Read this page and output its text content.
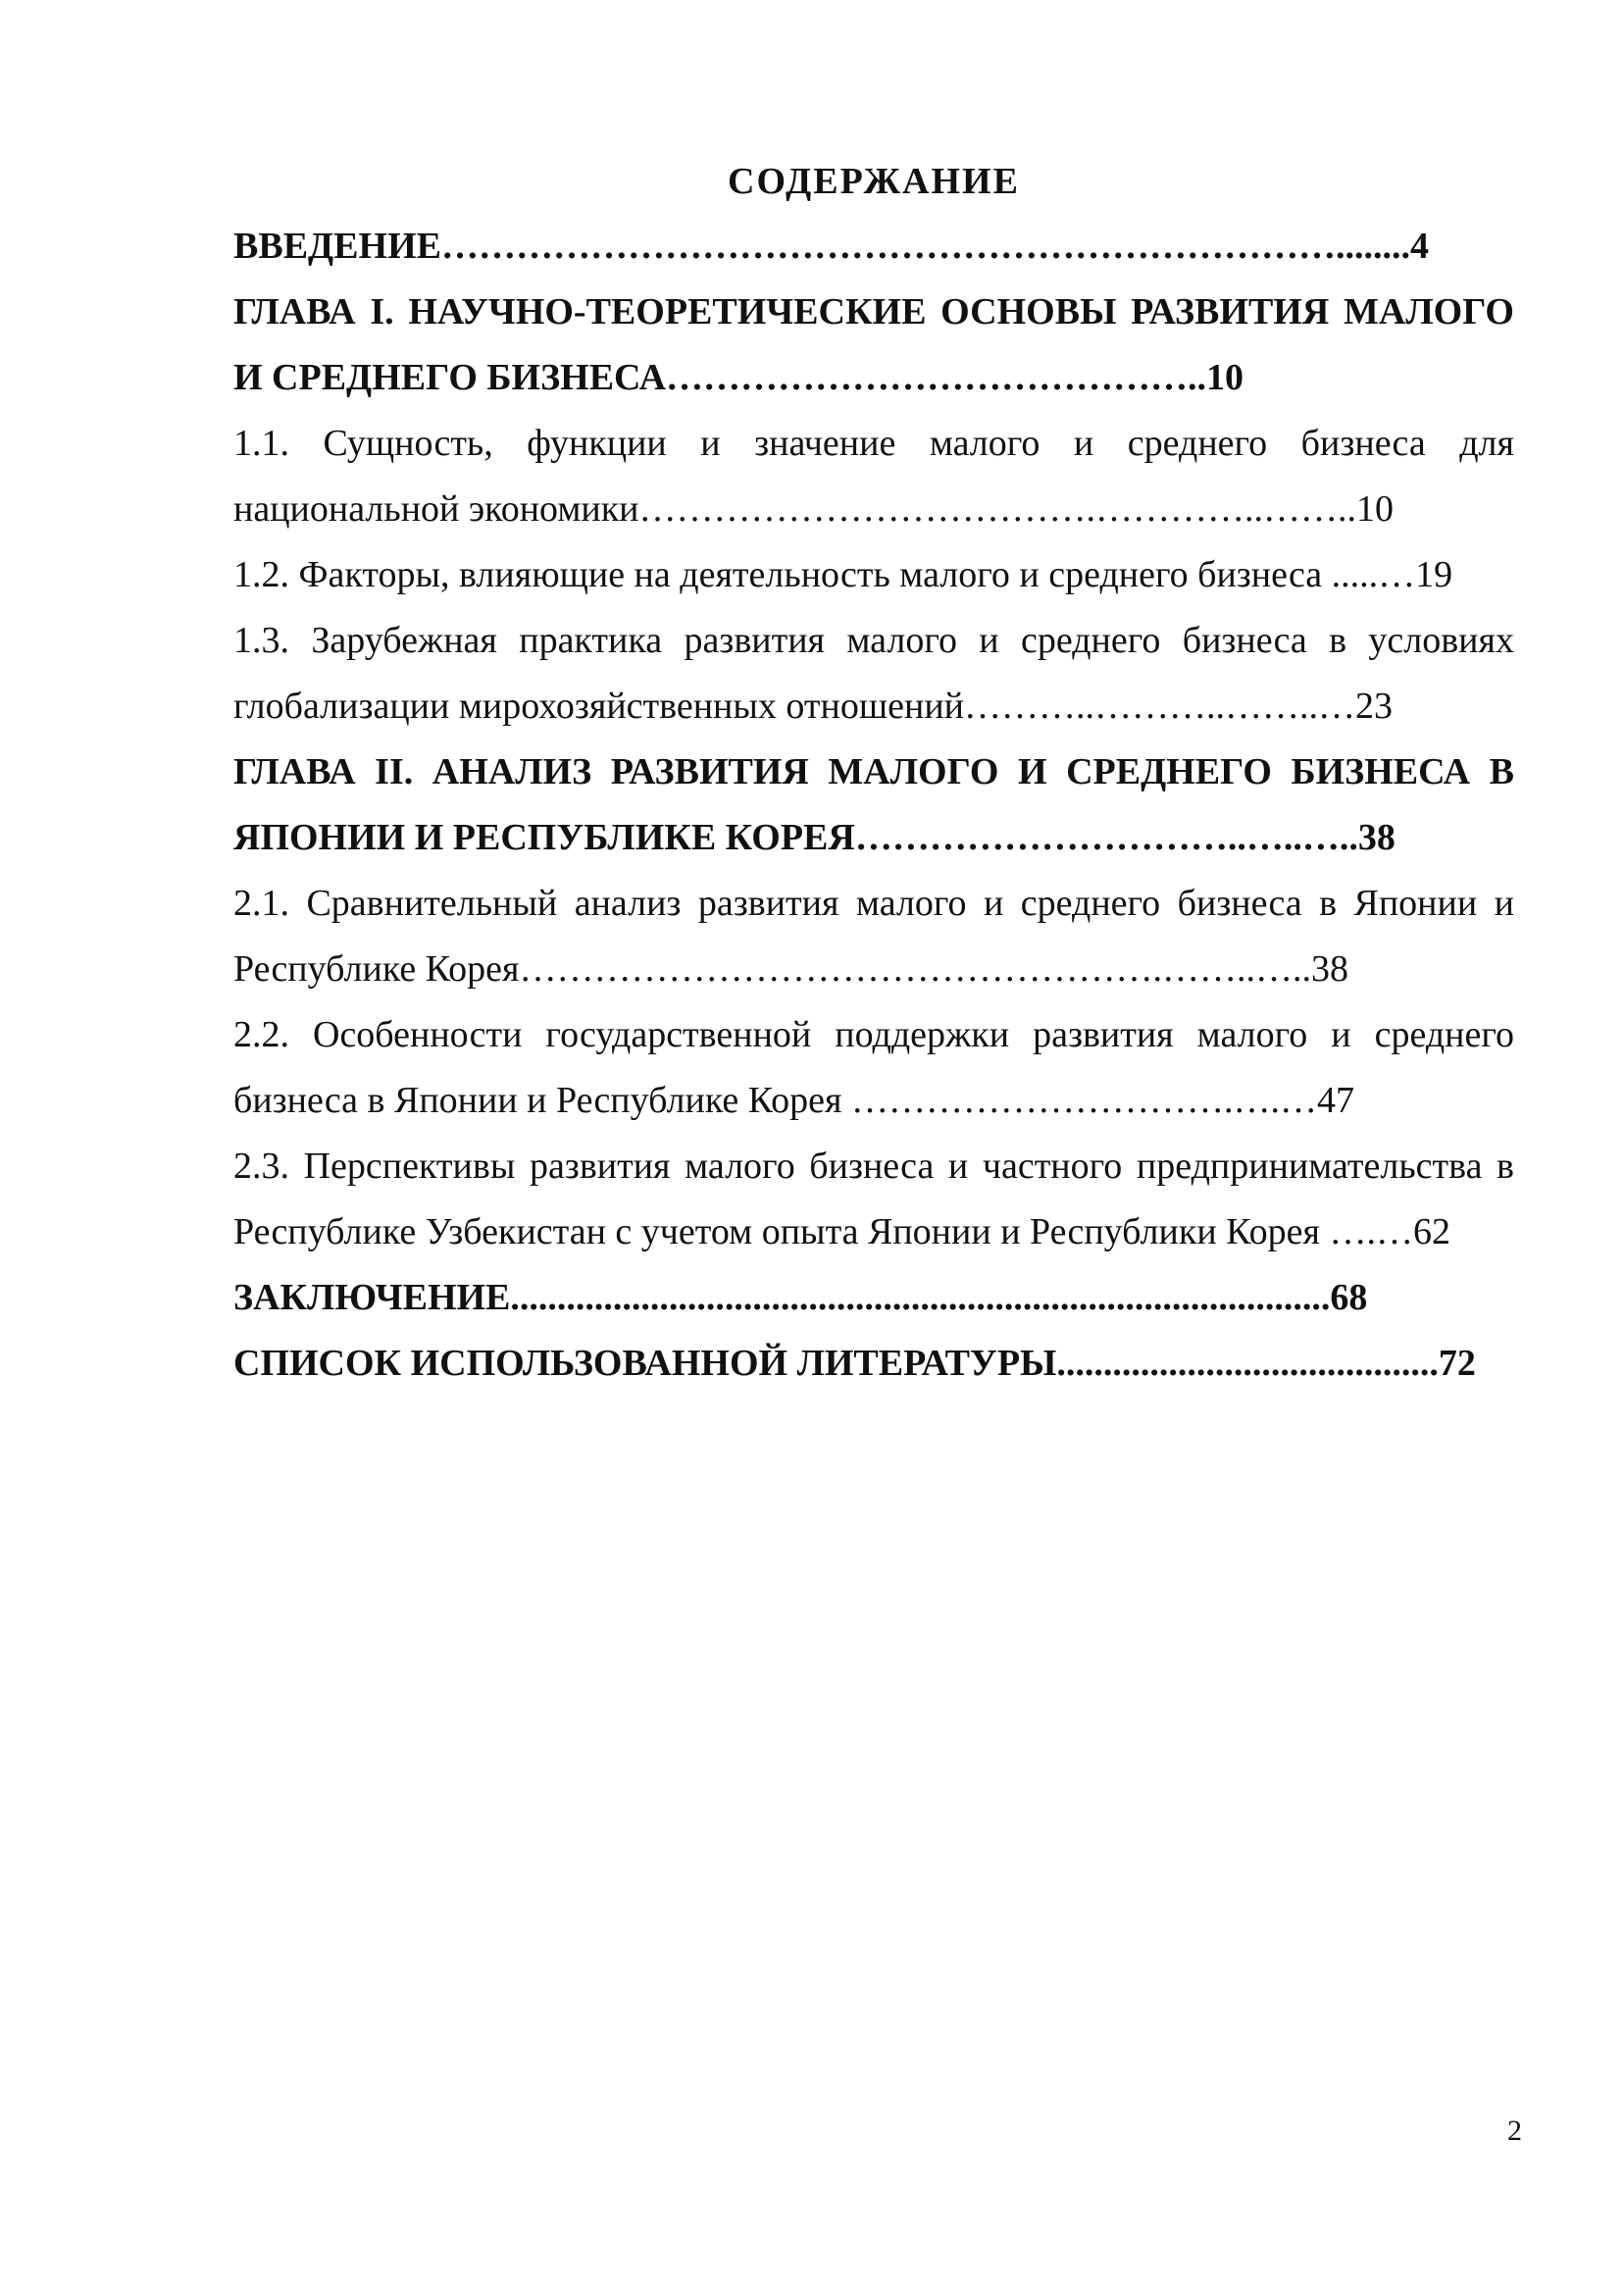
СОДЕРЖАНИЕ

ВВЕДЕНИЕ………………………………………………………………........4

ГЛАВА I. НАУЧНО-ТЕОРЕТИЧЕСКИЕ ОСНОВЫ РАЗВИТИЯ МАЛОГО И СРЕДНЕГО БИЗНЕСА……………………………………..10

1.1. Сущность, функции и значение малого и среднего бизнеса для национальной экономики……………………………….…………..……..10

1.2. Факторы, влияющие на деятельность малого и среднего бизнеса .....…19

1.3. Зарубежная практика развития малого и среднего бизнеса в условиях глобализации мирохозяйственных отношений………..………..……..…23

ГЛАВА II. АНАЛИЗ РАЗВИТИЯ МАЛОГО И СРЕДНЕГО БИЗНЕСА В ЯПОНИИ И РЕСПУБЛИКЕ КОРЕЯ…………………………..…..…..38

2.1. Сравнительный анализ развития малого и среднего бизнеса в Японии и Республике Корея…………………………………………….……..…..38

2.2. Особенности государственной поддержки развития малого и среднего бизнеса в Японии и Республике Корея ………………………….….…47

2.3. Перспективы развития малого бизнеса и частного предпринимательства в Республике Узбекистан с учетом опыта Японии и Республики Корея ….…62

ЗАКЛЮЧЕНИЕ........................................................................................68

СПИСОК ИСПОЛЬЗОВАННОЙ ЛИТЕРАТУРЫ.........................................72

2
